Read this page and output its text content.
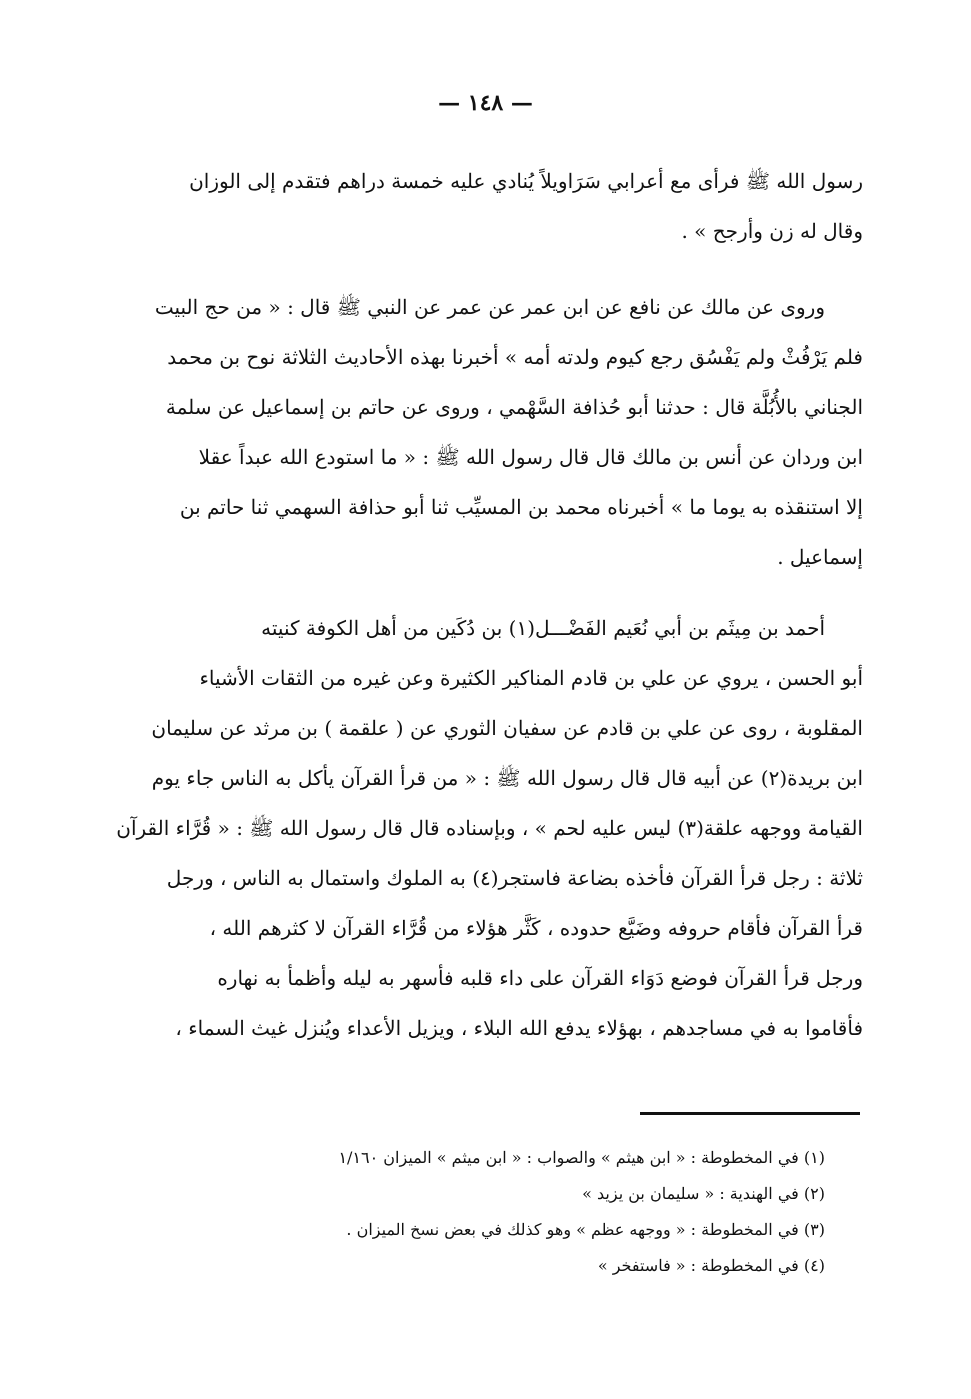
— ١٤٨ —
رسول الله ﷺ فرأى مع أعرابي سَرَاويلاً يُنادي عليه خمسة دراهم فتقدم إلى الوزان
وقال له زن وأرجح » .
وروى عن مالك عن نافع عن ابن عمر عن عمر عن النبي ﷺ قال : « من حج البيت
فلم يَرْفُثْ ولم يَفْسُق رجع كيوم ولدته أمه » أخبرنا بهذه الأحاديث الثلاثة نوح بن محمد
الجناني بالأُبُلَّة قال : حدثنا أبو حُذافة السَّهْمي ، وروى عن حاتم بن إسماعيل عن سلمة
ابن وردان عن أنس بن مالك قال قال رسول الله ﷺ : « ما استودع الله عبداً عقلا
إلا استنقذه به يوما ما » أخبرناه محمد بن المسيِّب ثنا أبو حذافة السهمي ثنا حاتم بن
إسماعيل .
أحمد بن مِيثَم بن أبي نُعَيم الفَضْـــل(١) بن دُكَين من أهل الكوفة كنيته
أبو الحسن ، يروي عن علي بن قادم المناكير الكثيرة وعن غيره من الثقات الأشياء
المقلوبة ، روى عن علي بن قادم عن سفيان الثوري عن ( علقمة ) بن مرثد عن سليمان
ابن بريدة(٢) عن أبيه قال قال رسول الله ﷺ : « من قرأ القرآن يأكل به الناس جاء يوم
القيامة ووجهه علقة(٣) ليس عليه لحم » ، وبإسناده قال قال رسول الله ﷺ : « قُرَّاء القرآن
ثلاثة : رجل قرأ القرآن فأخذه بضاعة فاستجر(٤) به الملوك واستمال به الناس ، ورجل
قرأ القرآن فأقام حروفه وضَيَّع حدوده ، كَثَّر هؤلاء من قُرَّاء القرآن لا كثرهم الله ،
ورجل قرأ القرآن فوضع دَوَاء القرآن على داء قلبه فأسهر به ليله وأظمأ به نهاره
فأقاموا به في مساجدهم ، بهؤلاء يدفع الله البلاء ، ويزيل الأعداء ويُنزل غيث السماء ،
(١) في المخطوطة : « ابن هيثم » والصواب : « ابن ميثم » الميزان ١/١٦٠
(٢) في الهندية : « سليمان بن يزيد »
(٣) في المخطوطة : « ووجهه عظم » وهو كذلك في بعض نسخ الميزان .
(٤) في المخطوطة : « فاستفخر »
